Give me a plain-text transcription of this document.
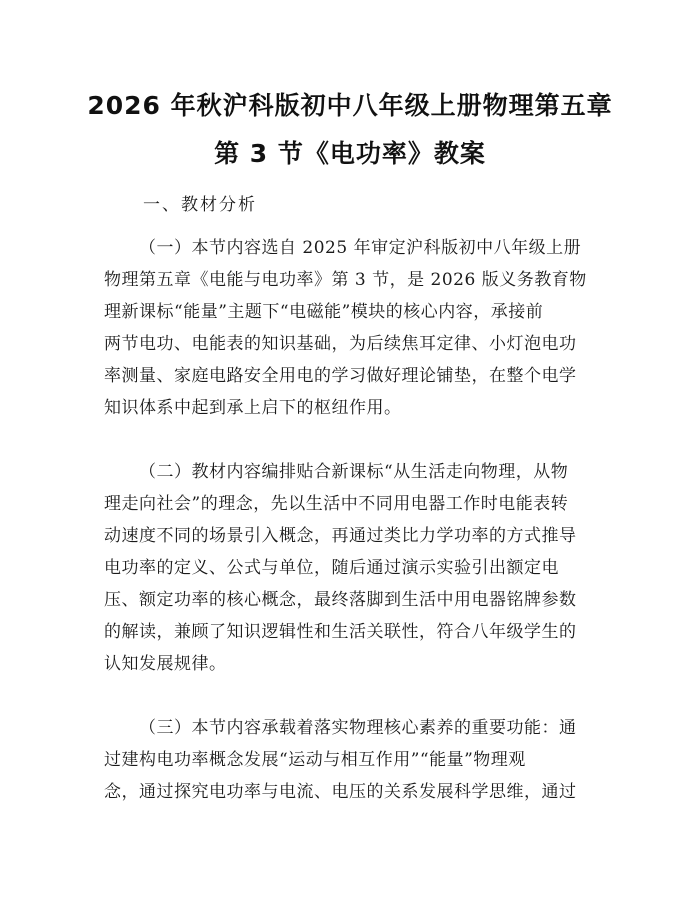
2026 年秋沪科版初中八年级上册物理第五章
第 3 节《电功率》教案
一、教材分析
（一）本节内容选自 2025 年审定沪科版初中八年级上册
物理第五章《电能与电功率》第 3 节，是 2026 版义务教育物
理新课标“能量”主题下“电磁能”模块的核心内容，承接前
两节电功、电能表的知识基础，为后续焦耳定律、小灯泡电功
率测量、家庭电路安全用电的学习做好理论铺垫，在整个电学
知识体系中起到承上启下的枢纽作用。
（二）教材内容编排贴合新课标“从生活走向物理，从物
理走向社会”的理念，先以生活中不同用电器工作时电能表转
动速度不同的场景引入概念，再通过类比力学功率的方式推导
电功率的定义、公式与单位，随后通过演示实验引出额定电
压、额定功率的核心概念，最终落脚到生活中用电器铭牌参数
的解读，兼顾了知识逻辑性和生活关联性，符合八年级学生的
认知发展规律。
（三）本节内容承载着落实物理核心素养的重要功能：通
过建构电功率概念发展“运动与相互作用”“能量”物理观
念，通过探究电功率与电流、电压的关系发展科学思维，通过
